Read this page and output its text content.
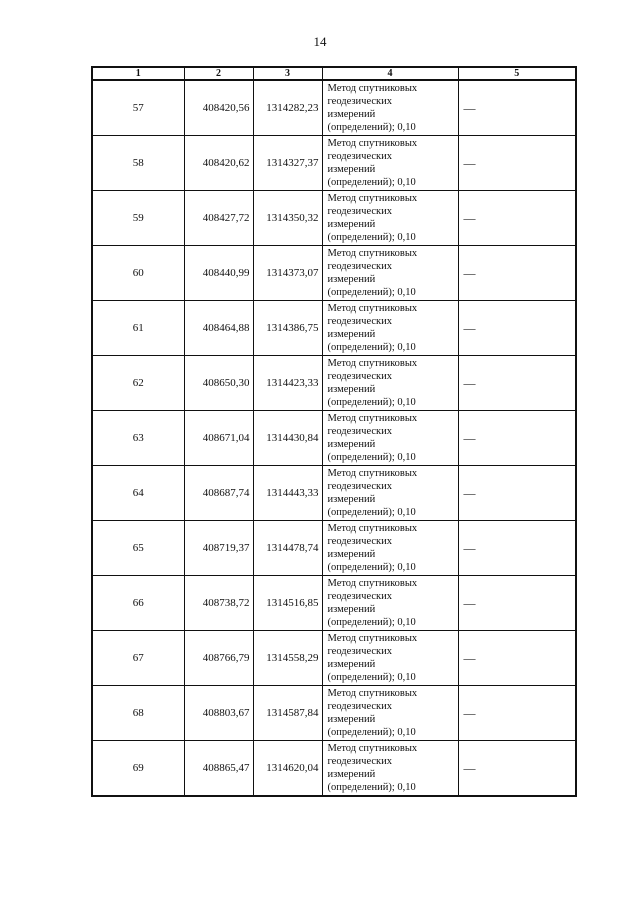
14
1	2	3	4	5
57	408420,56	1314282,23	Метод спутниковых
геодезических
измерений
(определений); 0,10	—
58	408420,62	1314327,37	Метод спутниковых
геодезических
измерений
(определений); 0,10	—
59	408427,72	1314350,32	Метод спутниковых
геодезических
измерений
(определений); 0,10	—
60	408440,99	1314373,07	Метод спутниковых
геодезических
измерений
(определений); 0,10	—
61	408464,88	1314386,75	Метод спутниковых
геодезических
измерений
(определений); 0,10	—
62	408650,30	1314423,33	Метод спутниковых
геодезических
измерений
(определений); 0,10	—
63	408671,04	1314430,84	Метод спутниковых
геодезических
измерений
(определений); 0,10	—
64	408687,74	1314443,33	Метод спутниковых
геодезических
измерений
(определений); 0,10	—
65	408719,37	1314478,74	Метод спутниковых
геодезических
измерений
(определений); 0,10	—
66	408738,72	1314516,85	Метод спутниковых
геодезических
измерений
(определений); 0,10	—
67	408766,79	1314558,29	Метод спутниковых
геодезических
измерений
(определений); 0,10	—
68	408803,67	1314587,84	Метод спутниковых
геодезических
измерений
(определений); 0,10	—
69	408865,47	1314620,04	Метод спутниковых
геодезических
измерений
(определений); 0,10	—
